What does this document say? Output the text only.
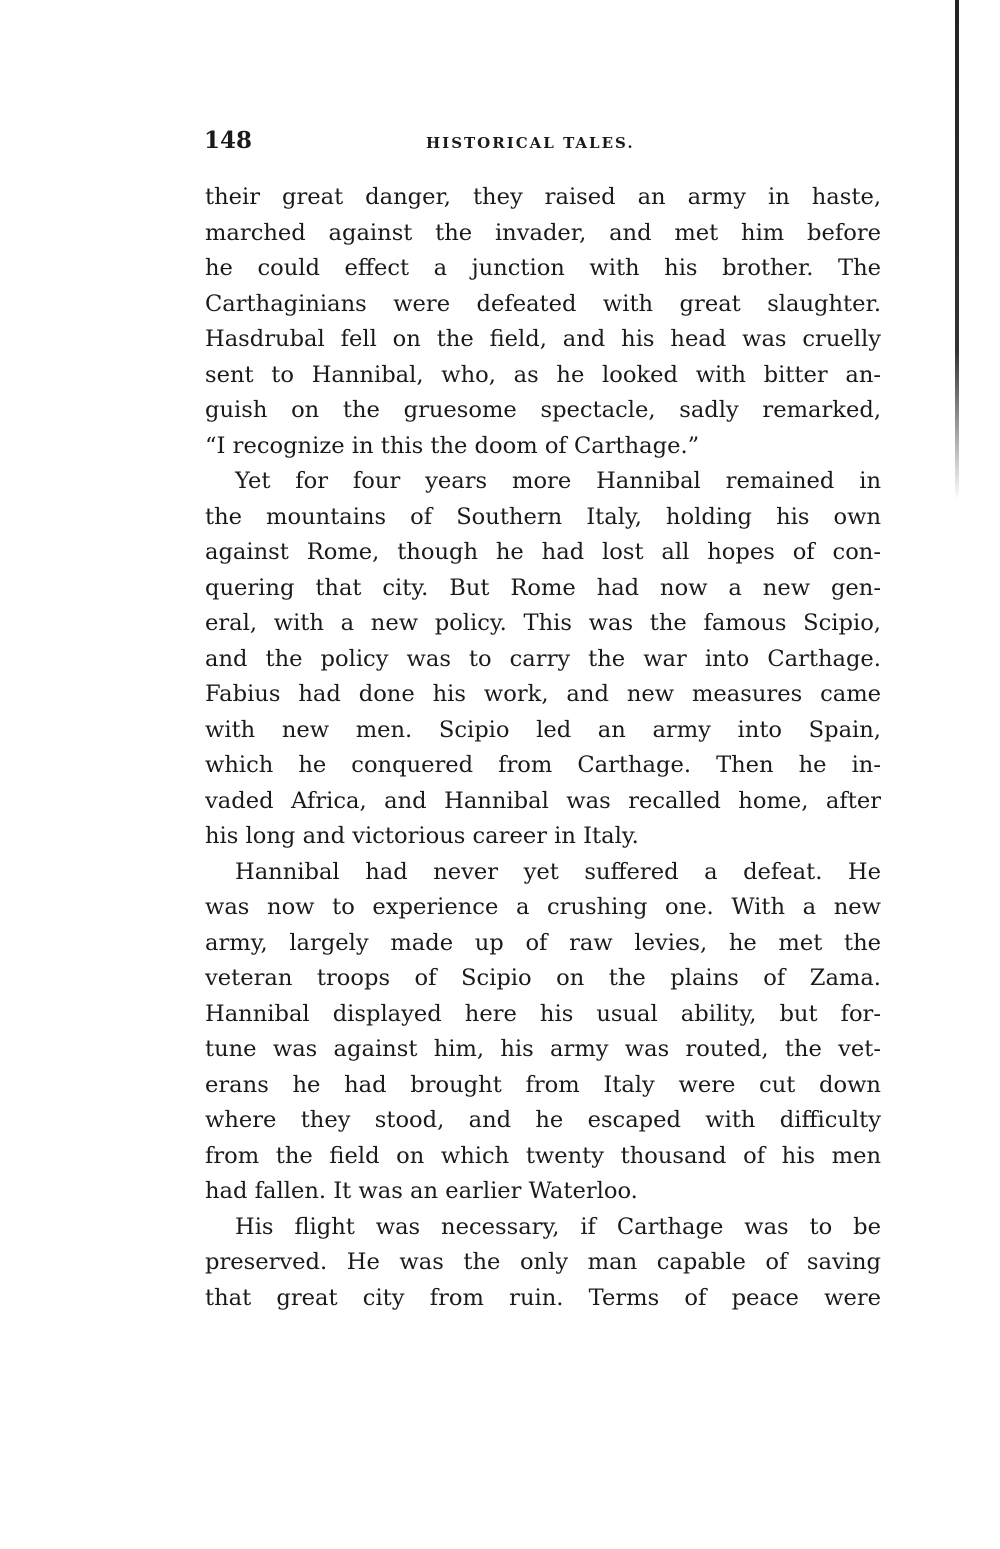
148	HISTORICAL TALES.
their great danger, they raised an army in haste,
marched against the invader, and met him before
he could effect a junction with his brother. The
Carthaginians were defeated with great slaughter.
Hasdrubal fell on the field, and his head was cruelly
sent to Hannibal, who, as he looked with bitter an-
guish on the gruesome spectacle, sadly remarked,
“I recognize in this the doom of Carthage.”
Yet for four years more Hannibal remained in
the mountains of Southern Italy, holding his own
against Rome, though he had lost all hopes of con-
quering that city. But Rome had now a new gen-
eral, with a new policy. This was the famous Scipio,
and the policy was to carry the war into Carthage.
Fabius had done his work, and new measures came
with new men. Scipio led an army into Spain,
which he conquered from Carthage. Then he in-
vaded Africa, and Hannibal was recalled home, after
his long and victorious career in Italy.
Hannibal had never yet suffered a defeat. He
was now to experience a crushing one. With a new
army, largely made up of raw levies, he met the
veteran troops of Scipio on the plains of Zama.
Hannibal displayed here his usual ability, but for-
tune was against him, his army was routed, the vet-
erans he had brought from Italy were cut down
where they stood, and he escaped with difficulty
from the field on which twenty thousand of his men
had fallen. It was an earlier Waterloo.
His flight was necessary, if Carthage was to be
preserved. He was the only man capable of saving
that great city from ruin. Terms of peace were
